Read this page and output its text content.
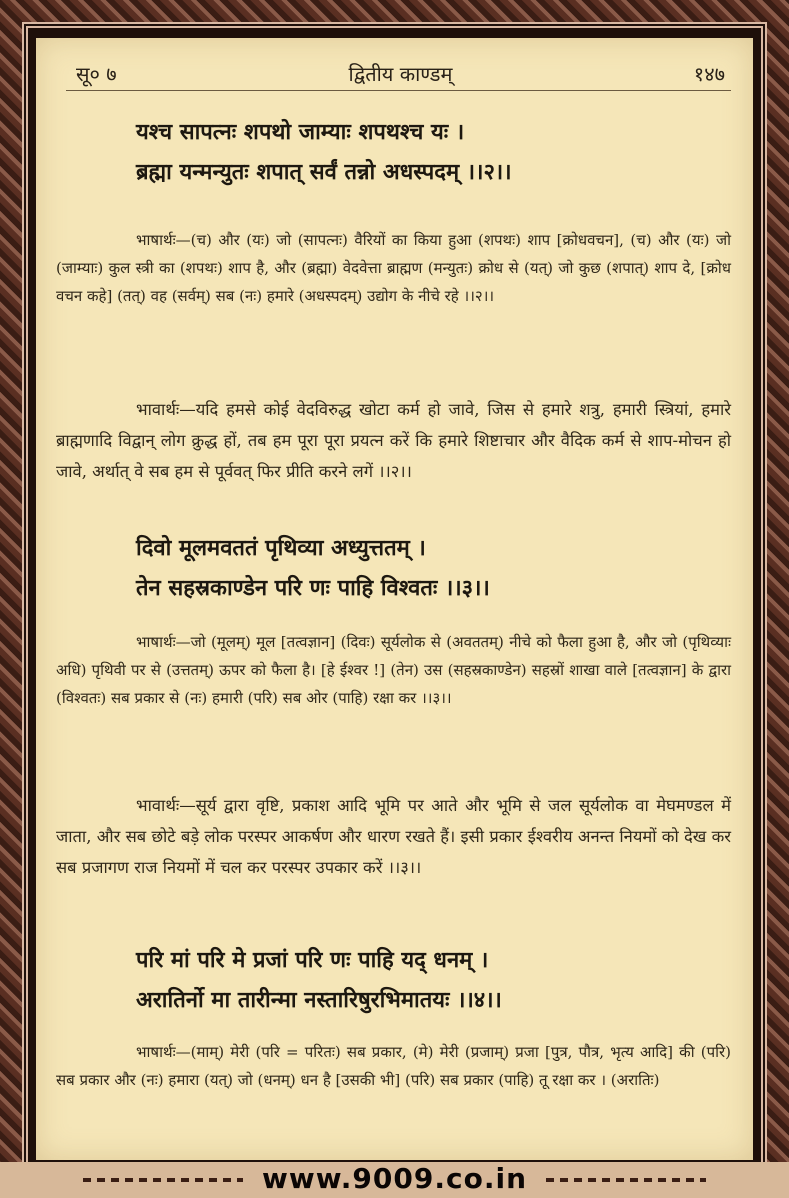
सू० ७	द्वितीय काण्डम्	१४७
यश्च सापत्नः शपथो जाम्याः शपथश्च यः ।
ब्रह्मा यन्मन्युतः शपात् सर्वं तन्नो अधस्पदम् ।।२।।
भाषार्थः—(च) और (यः) जो (सापत्नः) वैरियों का किया हुआ (शपथः) शाप [क्रोधवचन], (च) और (यः) जो (जाम्याः) कुल स्त्री का (शपथः) शाप है, और (ब्रह्मा) वेदवेत्ता ब्राह्मण (मन्युतः) क्रोध से (यत्) जो कुछ (शपात्) शाप दे, [क्रोध वचन कहे] (तत्) वह (सर्वम्) सब (नः) हमारे (अधस्पदम्) उद्योग के नीचे रहे ।।२।।
भावार्थः—यदि हमसे कोई वेदविरुद्ध खोटा कर्म हो जावे, जिस से हमारे शत्रु, हमारी स्त्रियां, हमारे ब्राह्मणादि विद्वान् लोग क्रुद्ध हों, तब हम पूरा पूरा प्रयत्न करें कि हमारे शिष्टाचार और वैदिक कर्म से शाप-मोचन हो जावे, अर्थात् वे सब हम से पूर्ववत् फिर प्रीति करने लगें ।।२।।
दिवो मूलमवततं पृथिव्या अध्युत्ततम् ।
तेन सहस्रकाण्डेन परि णः पाहि विश्वतः ।।३।।
भाषार्थः—जो (मूलम्) मूल [तत्वज्ञान] (दिवः) सूर्यलोक से (अवततम्) नीचे को फैला हुआ है, और जो (पृथिव्याः अधि) पृथिवी पर से (उत्ततम्) ऊपर को फैला है। [हे ईश्वर !] (तेन) उस (सहस्रकाण्डेन) सहस्रों शाखा वाले [तत्वज्ञान] के द्वारा (विश्वतः) सब प्रकार से (नः) हमारी (परि) सब ओर (पाहि) रक्षा कर ।।३।।
भावार्थः—सूर्य द्वारा वृष्टि, प्रकाश आदि भूमि पर आते और भूमि से जल सूर्यलोक वा मेघमण्डल में जाता, और सब छोटे बड़े लोक परस्पर आकर्षण और धारण रखते हैं। इसी प्रकार ईश्वरीय अनन्त नियमों को देख कर सब प्रजागण राज नियमों में चल कर परस्पर उपकार करें ।।३।।
परि मां परि मे प्रजां परि णः पाहि यद् धनम् ।
अरातिर्नो मा तारीन्मा नस्तारिषुरभिमातयः ।।४।।
भाषार्थः—(माम्) मेरी (परि = परितः) सब प्रकार, (मे) मेरी (प्रजाम्) प्रजा [पुत्र, पौत्र, भृत्य आदि] की (परि) सब प्रकार और (नः) हमारा (यत्) जो (धनम्) धन है [उसकी भी] (परि) सब प्रकार (पाहि) तू रक्षा कर । (अरातिः)
www.9009.co.in
